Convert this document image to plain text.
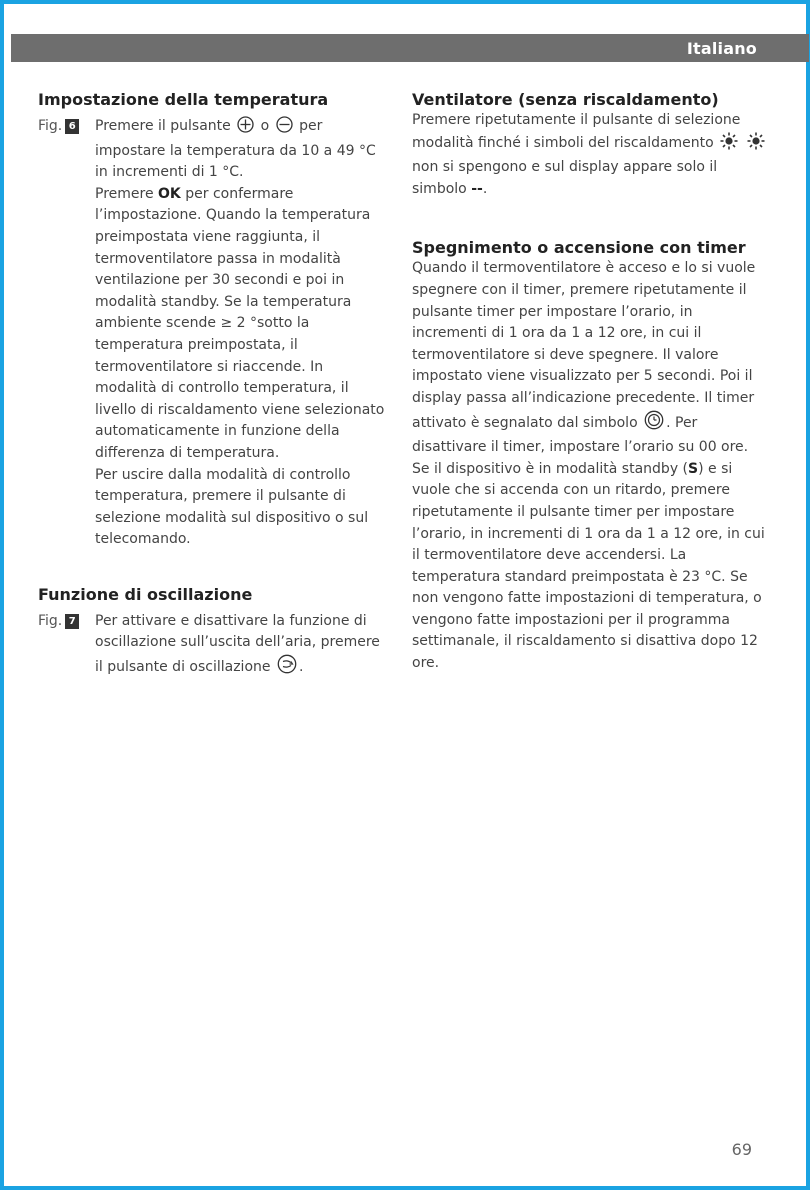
Italiano
Impostazione della temperatura
Fig. 6 Premere il pulsante o per impostare la temperatura da 10 a 49 °C in incrementi di 1 °C.
Premere OK per confermare l’impostazione. Quando la temperatura preimpostata viene raggiunta, il termoventilatore passa in modalità ventilazione per 30 secondi e poi in modalità standby. Se la temperatura ambiente scende ≥ 2 °sotto la temperatura preimpostata, il termoventilatore si riaccende. In modalità di controllo temperatura, il livello di riscaldamento viene selezionato automaticamente in funzione della differenza di temperatura.
Per uscire dalla modalità di controllo temperatura, premere il pulsante di selezione modalità sul dispositivo o sul telecomando.
Funzione di oscillazione
Fig. 7 Per attivare e disattivare la funzione di oscillazione sull’uscita dell’aria, premere il pulsante di oscillazione .
Ventilatore (senza riscaldamento)
Premere ripetutamente il pulsante di selezione modalità finché i simboli del riscaldamento   non si spengono e sul display appare solo il simbolo --.
Spegnimento o accensione con timer
Quando il termoventilatore è acceso e lo si vuole spegnere con il timer, premere ripetutamente il pulsante timer per impostare l’orario, in incrementi di 1 ora da 1 a 12 ore, in cui il termoventilatore si deve spegnere. Il valore impostato viene visualizzato per 5 secondi. Poi il display passa all’indicazione precedente. Il timer attivato è segnalato dal simbolo . Per disattivare il timer, impostare l’orario su 00 ore. Se il dispositivo è in modalità standby (S) e si vuole che si accenda con un ritardo, premere ripetutamente il pulsante timer per impostare l’orario, in incrementi di 1 ora da 1 a 12 ore, in cui il termoventilatore deve accendersi. La temperatura standard preimpostata è 23 °C. Se non vengono fatte impostazioni di temperatura, o vengono fatte impostazioni per il programma settimanale, il riscaldamento si disattiva dopo 12 ore.
69
